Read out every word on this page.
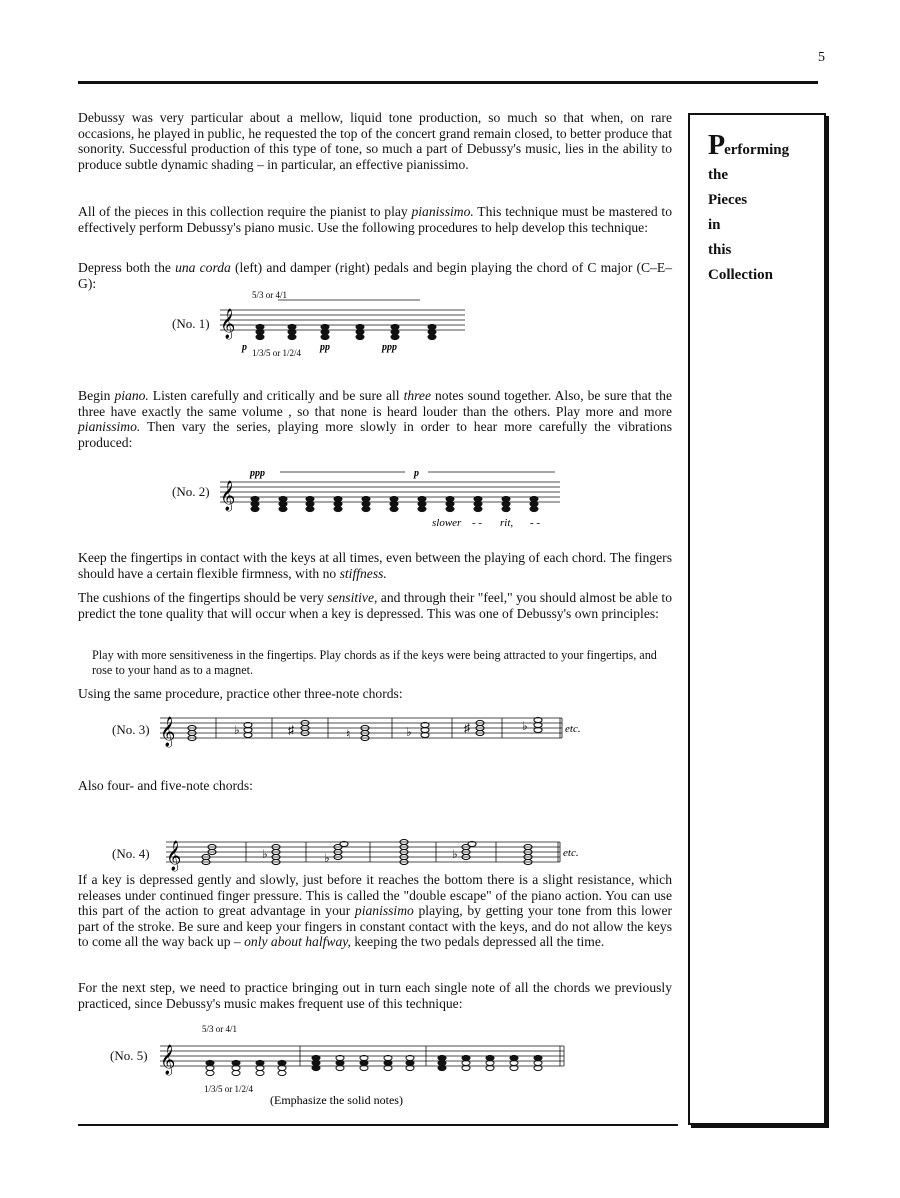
5
Performing
the
Pieces
in
this
Collection

Debussy was very particular about a mellow, liquid tone production, so much so that when, on rare occasions, he played in public, he requested the top of the concert grand remain closed, to better produce that sonority. Successful production of this type of tone, so much a part of Debussy's music, lies in the ability to produce subtle dynamic shading – in particular, an effective pianissimo.

All of the pieces in this collection require the pianist to play pianissimo. This technique must be mastered to effectively perform Debussy's piano music. Use the following procedures to help develop this technique:

Depress both the una corda (left) and damper (right) pedals and begin playing the chord of C major (C–E–G):

(No. 1)
5/3 or 4/1
𝄞
p 1/3/5 or 1/2/4 pp	ppp

Begin piano. Listen carefully and critically and be sure all three notes sound together. Also, be sure that the three have exactly the same volume , so that none is heard louder than the others. Play more and more pianissimo. Then vary the series, playing more slowly in order to hear more carefully the vibrations produced:

(No. 2)
ppp	p
𝄞
slower - - rit, - -

Keep the fingertips in contact with the keys at all times, even between the playing of each chord. The fingers should have a certain flexible firmness, with no stiffness.

The cushions of the fingertips should be very sensitive, and through their "feel," you should almost be able to predict the tone quality that will occur when a key is depressed. This was one of Debussy's own principles:

Play with more sensitiveness in the fingertips. Play chords as if the keys were being attracted to your fingertips, and rose to your hand as to a magnet.

Using the same procedure, practice other three-note chords:

(No. 3) 𝄞	♭	♯	♮	♭	♯	♭	etc.

Also four- and five-note chords:

(No. 4) 𝄞	♭	♭	♭	etc.

If a key is depressed gently and slowly, just before it reaches the bottom there is a slight resistance, which releases under continued finger pressure. This is called the "double escape" of the piano action. You can use this part of the action to great advantage in your pianissimo playing, by getting your tone from this lower part of the stroke. Be sure and keep your fingers in constant contact with the keys, and do not allow the keys to come all the way back up – only about halfway, keeping the two pedals depressed all the time.

For the next step, we need to practice bringing out in turn each single note of all the chords we previously practiced, since Debussy's music makes frequent use of this technique:

(No. 5)
5/3 or 4/1
𝄞
1/3/5 or 1/2/4
(Emphasize the solid notes)
